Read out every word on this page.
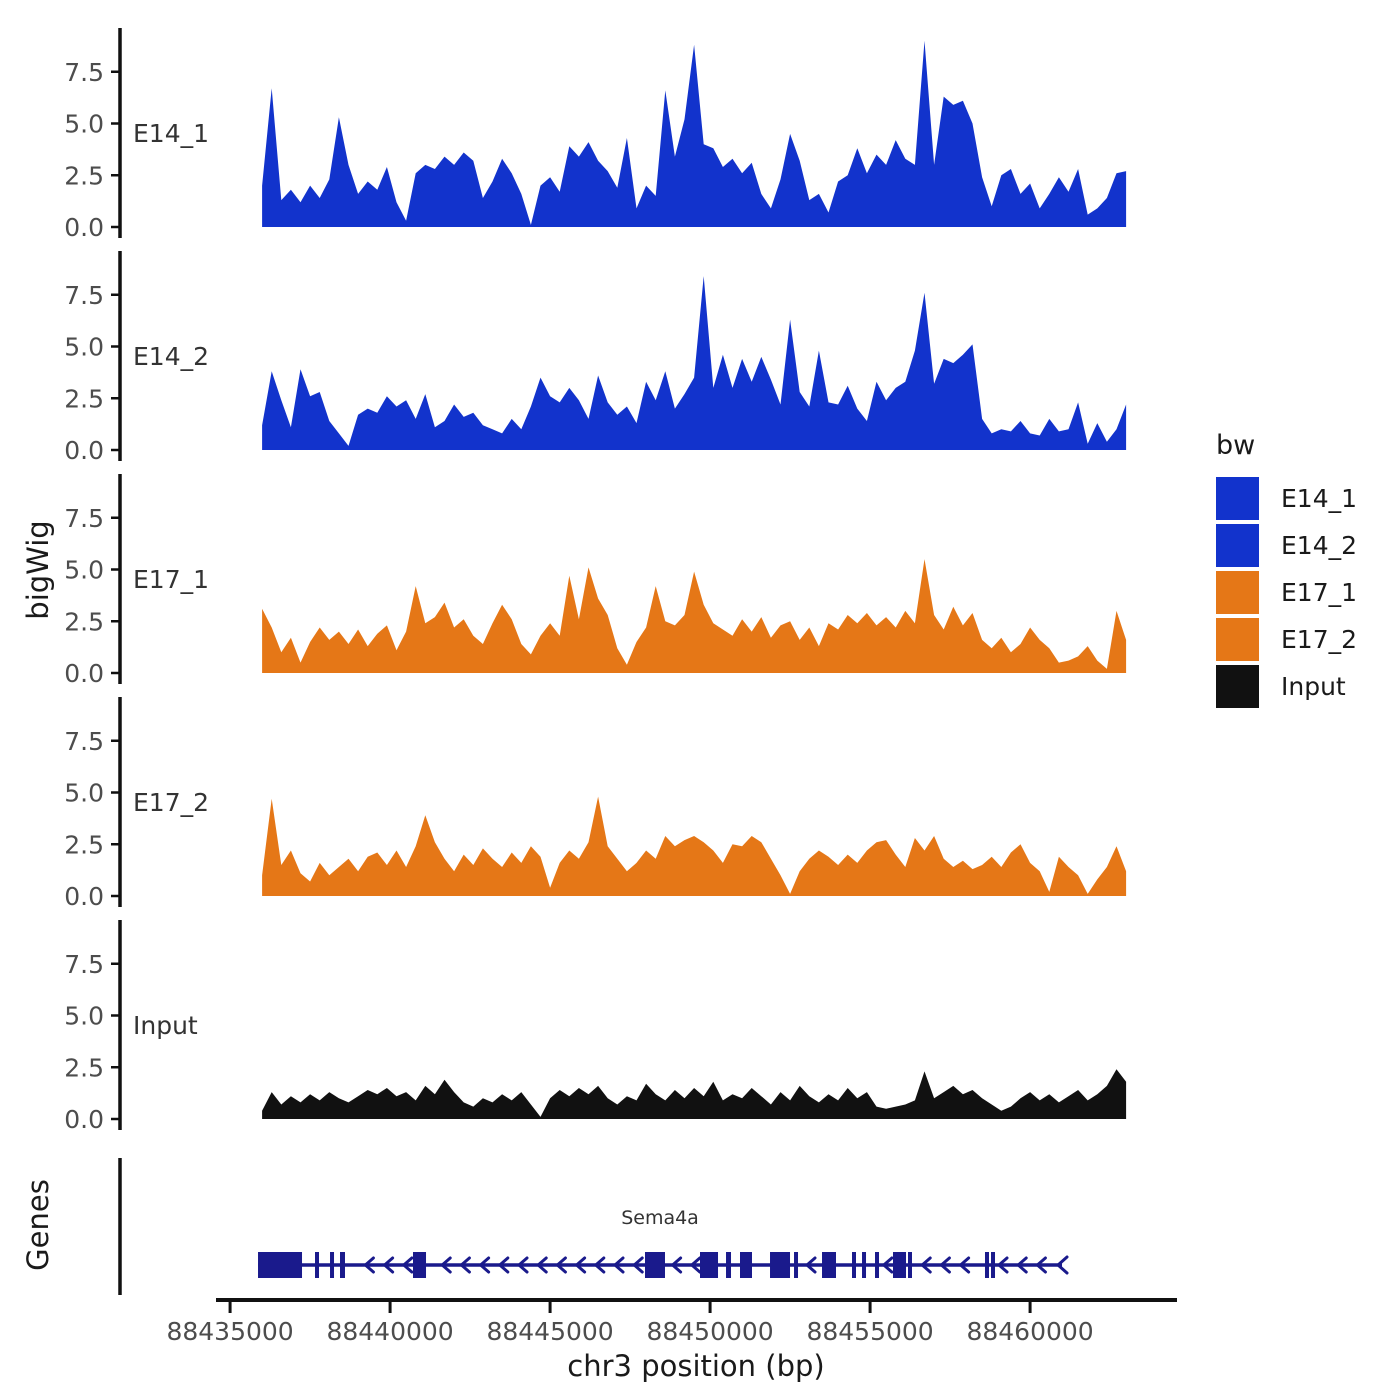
7.5
5.0
2.5
0.0
E14_1
7.5
5.0
2.5
0.0
E14_2
7.5
5.0
2.5
0.0
E17_1
7.5
5.0
2.5
0.0
E17_2
7.5
5.0
2.5
0.0
Input
Sema4a
88435000 88440000 88445000 88450000 88455000 88460000
bigWig
Genes
chr3 position (bp)
bw
E14_1
E14_2
E17_1
E17_2
Input
